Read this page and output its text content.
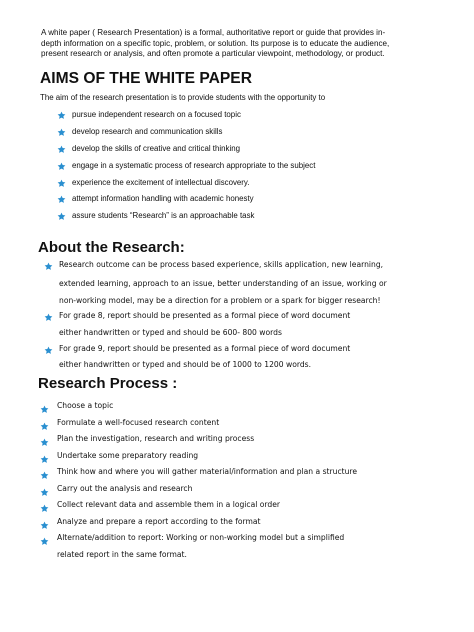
A white paper ( Research Presentation) is a formal, authoritative report or guide that provides in-
depth information on a specific topic, problem, or solution. Its purpose is to educate the audience,
present research or analysis, and often promote a particular viewpoint, methodology, or product.
AIMS OF THE WHITE PAPER
The aim of the research presentation is to provide students with the opportunity to
pursue independent research on a focused topic
develop research and communication skills
develop the skills of creative and critical thinking
engage in a systematic process of research appropriate to the subject
experience the excitement of intellectual discovery.
attempt information handling with academic honesty
assure students “Research” is an approachable task
About the Research:
Research outcome can be process based experience, skills application, new learning,
extended learning, approach to an issue, better understanding of an issue, working or
non-working model, may be a direction for a problem or a spark for bigger research!
For grade 8, report should be presented as a formal piece of word document
either handwritten or typed and should be 600- 800 words
For grade 9, report should be presented as a formal piece of word document
either handwritten or typed and should be of 1000 to 1200 words.
Research Process :
Choose a topic
Formulate a well-focused research content
Plan the investigation, research and writing process
Undertake some preparatory reading
Think how and where you will gather material/information and plan a structure
Carry out the analysis and research
Collect relevant data and assemble them in a logical order
Analyze and prepare a report according to the format
Alternate/addition to report: Working or non-working model but a simplified
related report in the same format.
